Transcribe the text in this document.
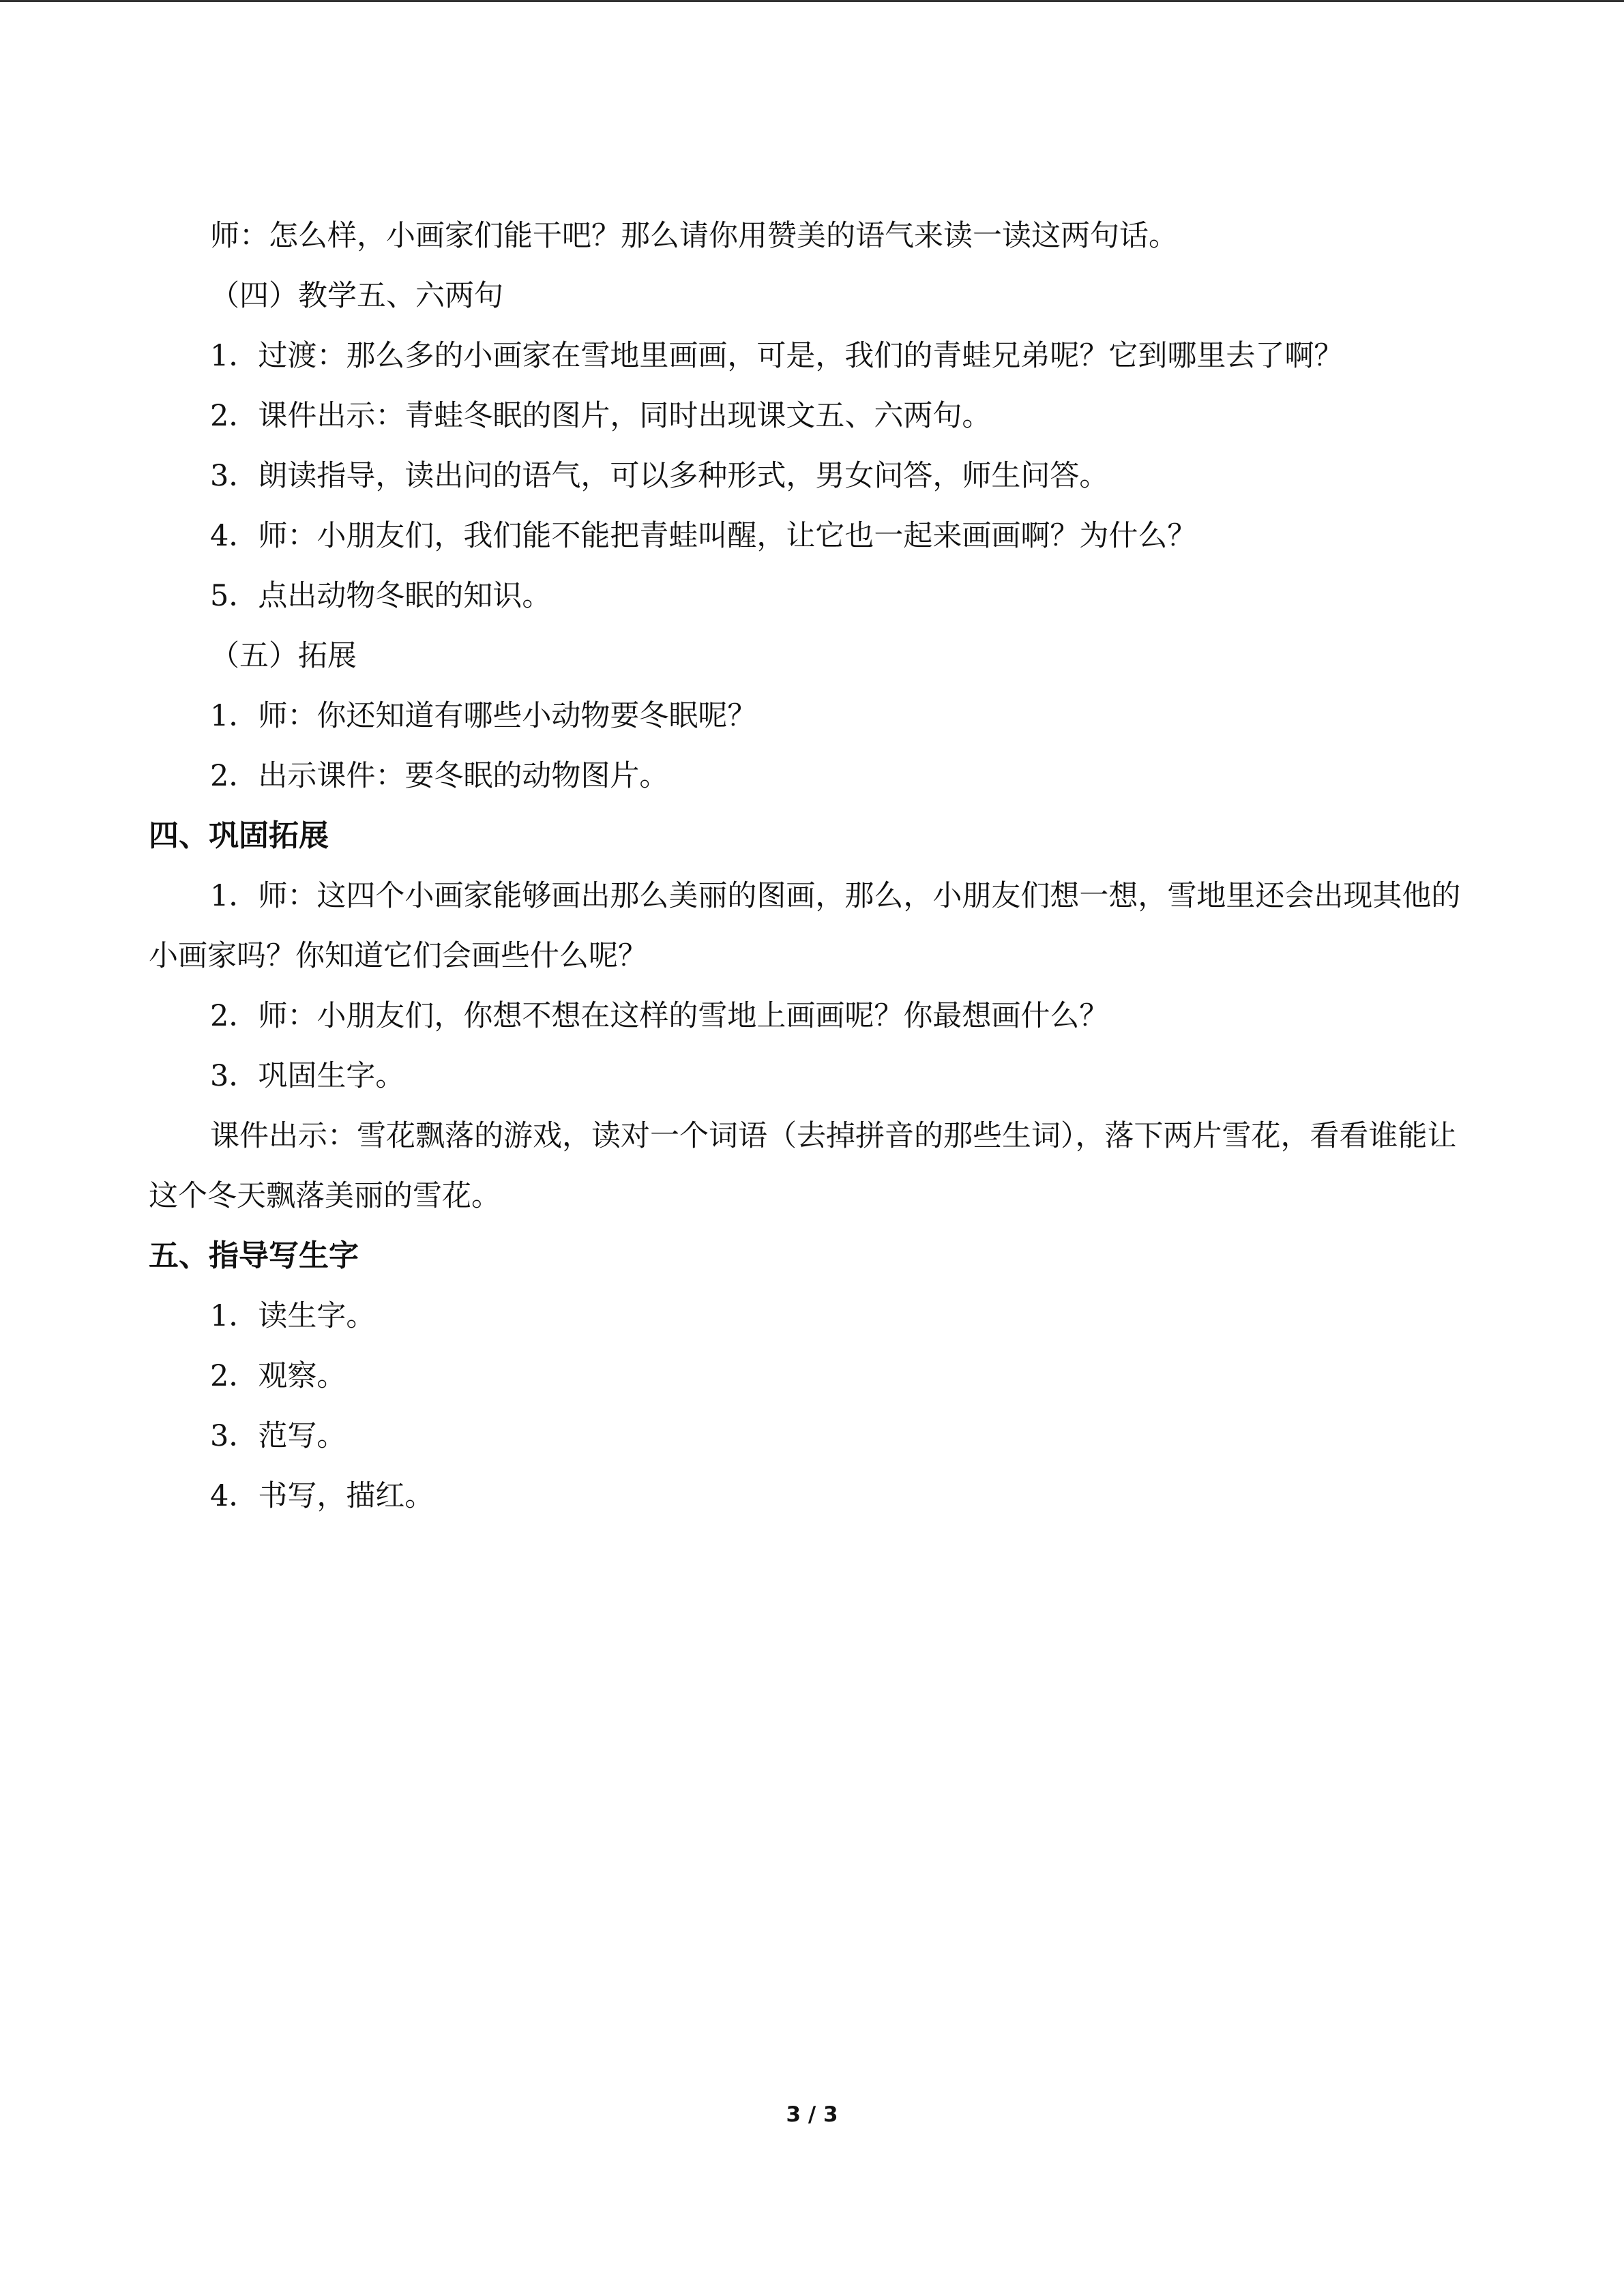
师：怎么样，小画家们能干吧？那么请你用赞美的语气来读一读这两句话。
（四）教学五、六两句
1．过渡：那么多的小画家在雪地里画画，可是，我们的青蛙兄弟呢？它到哪里去了啊？
2．课件出示：青蛙冬眠的图片，同时出现课文五、六两句。
3．朗读指导，读出问的语气，可以多种形式，男女问答，师生问答。
4．师：小朋友们，我们能不能把青蛙叫醒，让它也一起来画画啊？为什么？
5．点出动物冬眠的知识。
（五）拓展
1．师：你还知道有哪些小动物要冬眠呢？
2．出示课件：要冬眠的动物图片。
四、巩固拓展
1．师：这四个小画家能够画出那么美丽的图画，那么，小朋友们想一想，雪地里还会出现其他的小画家吗？你知道它们会画些什么呢？
2．师：小朋友们，你想不想在这样的雪地上画画呢？你最想画什么？
3．巩固生字。
课件出示：雪花飘落的游戏，读对一个词语（去掉拼音的那些生词），落下两片雪花，看看谁能让这个冬天飘落美丽的雪花。
五、指导写生字
1．读生字。
2．观察。
3．范写。
4．书写，描红。
3 / 3
